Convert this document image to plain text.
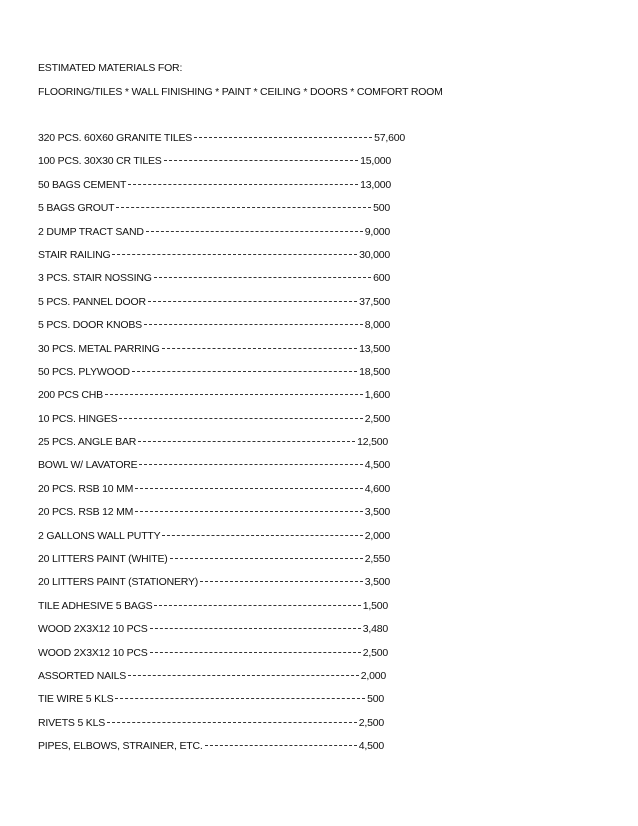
ESTIMATED MATERIALS FOR:
FLOORING/TILES * WALL FINISHING * PAINT * CEILING * DOORS * COMFORT ROOM
320 PCS. 60X60 GRANITE TILES	57,600
100 PCS. 30X30 CR TILES	15,000
50 BAGS CEMENT	13,000
5 BAGS GROUT	500
2 DUMP TRACT SAND	9,000
STAIR RAILING	30,000
3 PCS. STAIR NOSSING	600
5 PCS. PANNEL DOOR	37,500
5 PCS. DOOR KNOBS	8,000
30 PCS. METAL PARRING	13,500
50 PCS. PLYWOOD	18,500
200 PCS CHB	1,600
10 PCS. HINGES	2,500
25 PCS. ANGLE BAR	12,500
BOWL W/ LAVATORE	4,500
20 PCS. RSB 10 MM	4,600
20 PCS. RSB 12 MM	3,500
2 GALLONS WALL PUTTY	2,000
20 LITTERS PAINT (WHITE)	2,550
20 LITTERS PAINT (STATIONERY)	3,500
TILE ADHESIVE 5 BAGS	1,500
WOOD 2X3X12 10 PCS	3,480
WOOD 2X3X12 10 PCS	2,500
ASSORTED NAILS	2,000
TIE WIRE 5 KLS	500
RIVETS 5 KLS	2,500
PIPES, ELBOWS, STRAINER, ETC.	4,500
